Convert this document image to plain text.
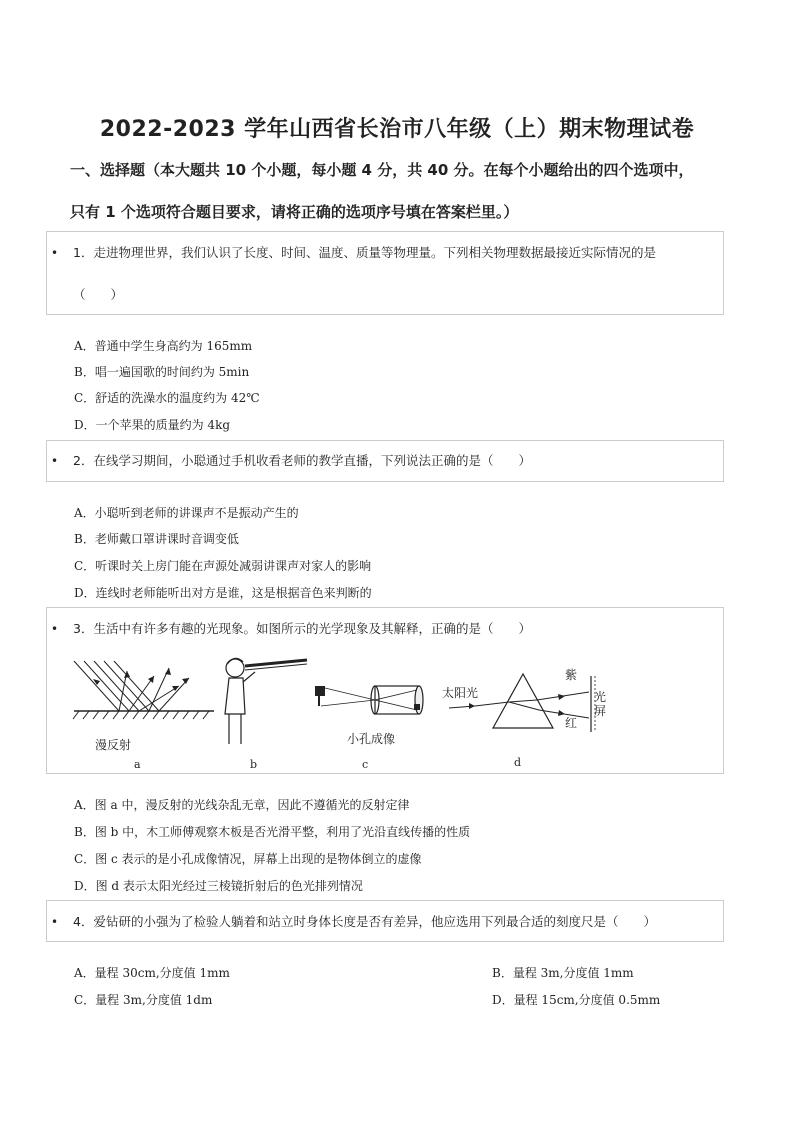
2022-2023 学年山西省长治市八年级（上）期末物理试卷
一、选择题（本大题共 10 个小题，每小题 4 分，共 40 分。在每个小题给出的四个选项中，
只有 1 个选项符合题目要求，请将正确的选项序号填在答案栏里。）
• 1．走进物理世界，我们认识了长度、时间、温度、质量等物理量。下列相关物理数据最接近实际情况的是
（　　）
A．普通中学生身高约为 165mm
B．唱一遍国歌的时间约为 5min
C．舒适的洗澡水的温度约为 42℃
D．一个苹果的质量约为 4kg
• 2．在线学习期间，小聪通过手机收看老师的教学直播，下列说法正确的是（　　）
A．小聪听到老师的讲课声不是振动产生的
B．老师戴口罩讲课时音调变低
C．听课时关上房门能在声源处减弱讲课声对家人的影响
D．连线时老师能听出对方是谁，这是根据音色来判断的
• 3．生活中有许多有趣的光现象。如图所示的光学现象及其解释，正确的是（　　）
漫反射
a	b
小孔成像
c
太阳光
紫
红
光
屏
d
A．图 a 中，漫反射的光线杂乱无章，因此不遵循光的反射定律
B．图 b 中，木工师傅观察木板是否光滑平整，利用了光沿直线传播的性质
C．图 c 表示的是小孔成像情况，屏幕上出现的是物体倒立的虚像
D．图 d 表示太阳光经过三棱镜折射后的色光排列情况
• 4．爱钻研的小强为了检验人躺着和站立时身体长度是否有差异，他应选用下列最合适的刻度尺是（　　）
A．量程 30cm,分度值 1mm	B．量程 3m,分度值 1mm
C．量程 3m,分度值 1dm	D．量程 15cm,分度值 0.5mm
